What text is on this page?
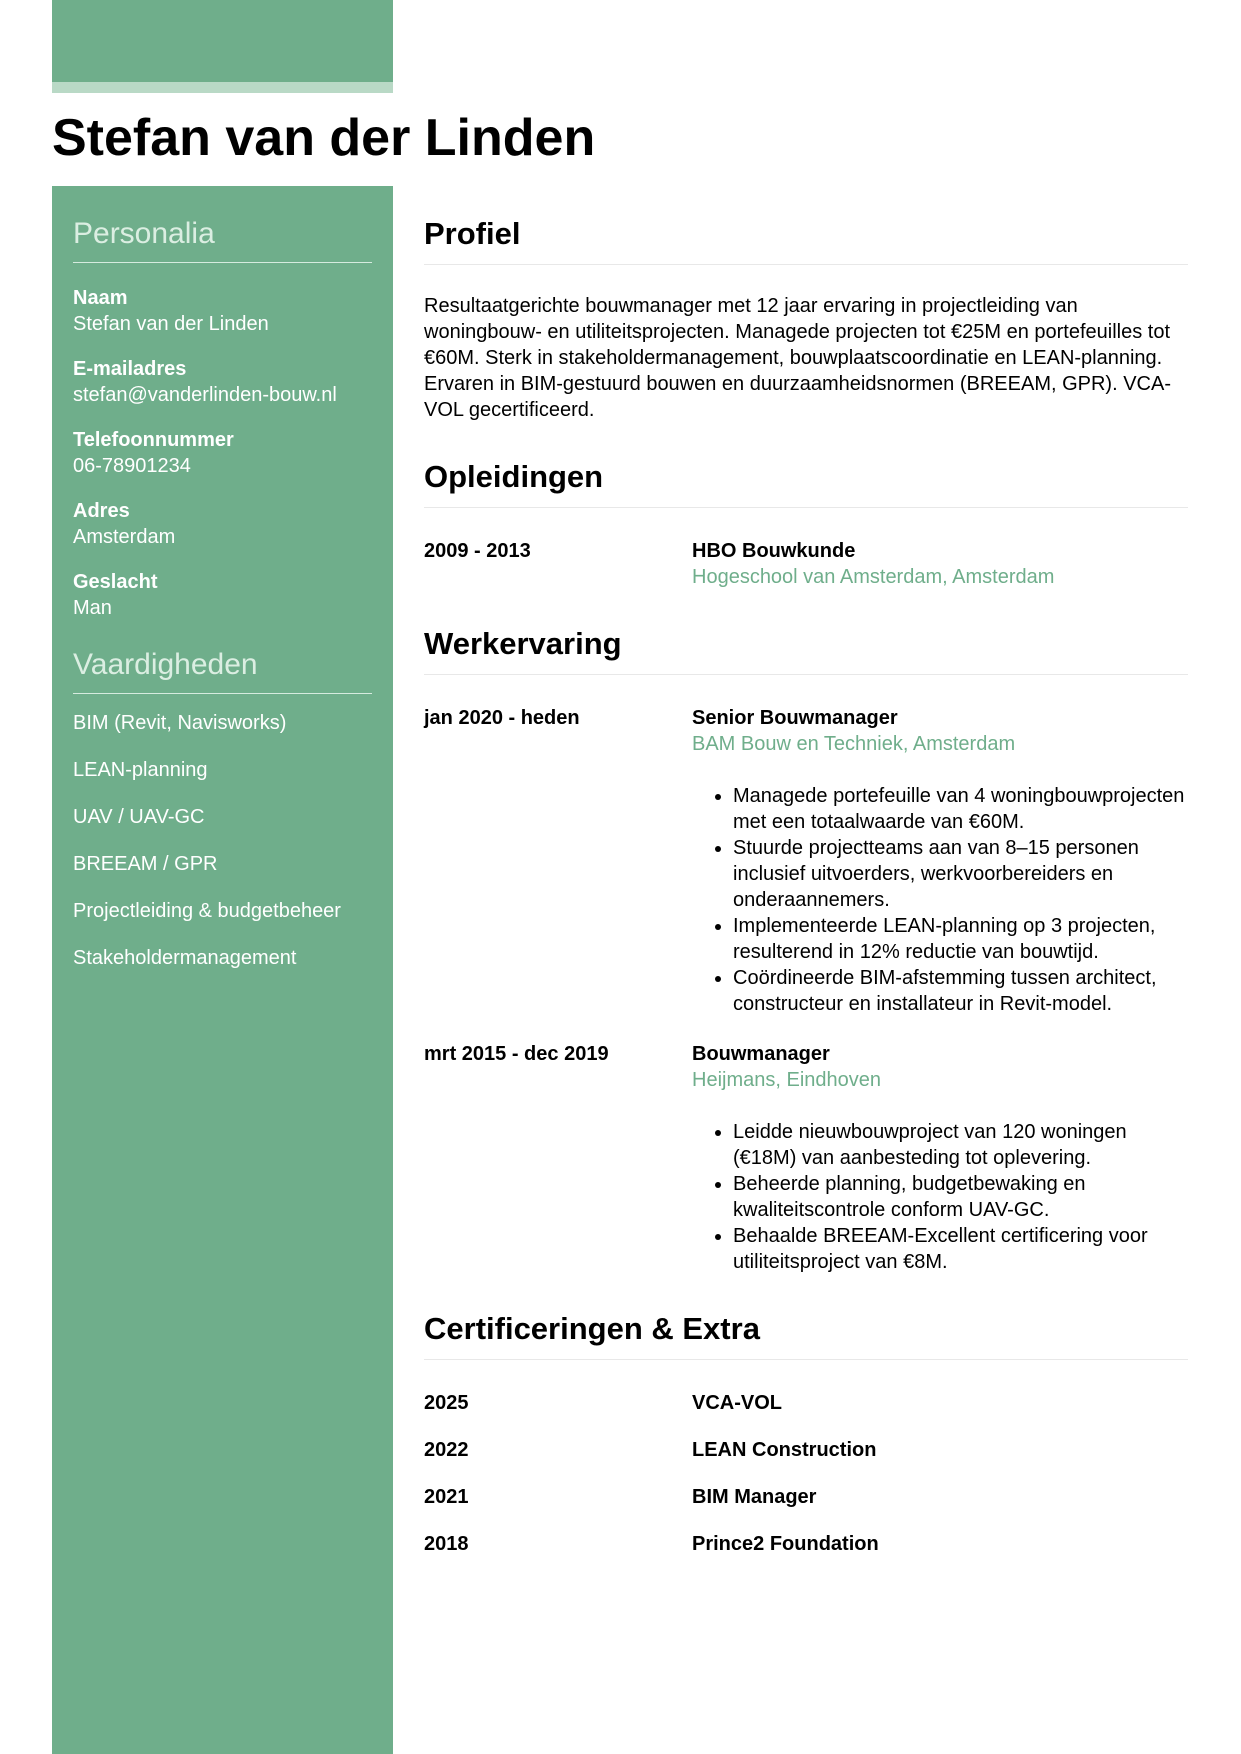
Stefan van der Linden
Personalia
Naam
Stefan van der Linden
E-mailadres
stefan@vanderlinden-bouw.nl
Telefoonnummer
06-78901234
Adres
Amsterdam
Geslacht
Man
Vaardigheden
BIM (Revit, Navisworks)
LEAN-planning
UAV / UAV-GC
BREEAM / GPR
Projectleiding & budgetbeheer
Stakeholdermanagement
Profiel

Resultaatgerichte bouwmanager met 12 jaar ervaring in projectleiding van woningbouw- en utiliteitsprojecten. Managede projecten tot €25M en portefeuilles tot €60M. Sterk in stakeholdermanagement, bouwplaatscoordinatie en LEAN-planning. Ervaren in BIM-gestuurd bouwen en duurzaamheidsnormen (BREEAM, GPR). VCA-VOL gecertificeerd.

Opleidingen
2009 - 2013	HBO Bouwkunde
Hogeschool van Amsterdam, Amsterdam
Werkervaring
jan 2020 - heden	Senior Bouwmanager
BAM Bouw en Techniek, Amsterdam
• Managede portefeuille van 4 woningbouwprojecten met een totaalwaarde van €60M.
• Stuurde projectteams aan van 8–15 personen inclusief uitvoerders, werkvoorbereiders en onderaannemers.
• Implementeerde LEAN-planning op 3 projecten, resulterend in 12% reductie van bouwtijd.
• Coördineerde BIM-afstemming tussen architect, constructeur en installateur in Revit-model.
mrt 2015 - dec 2019	Bouwmanager
Heijmans, Eindhoven
• Leidde nieuwbouwproject van 120 woningen (€18M) van aanbesteding tot oplevering.
• Beheerde planning, budgetbewaking en kwaliteitscontrole conform UAV-GC.
• Behaalde BREEAM-Excellent certificering voor utiliteitsproject van €8M.
Certificeringen & Extra
2025	VCA-VOL
2022	LEAN Construction
2021	BIM Manager
2018	Prince2 Foundation
